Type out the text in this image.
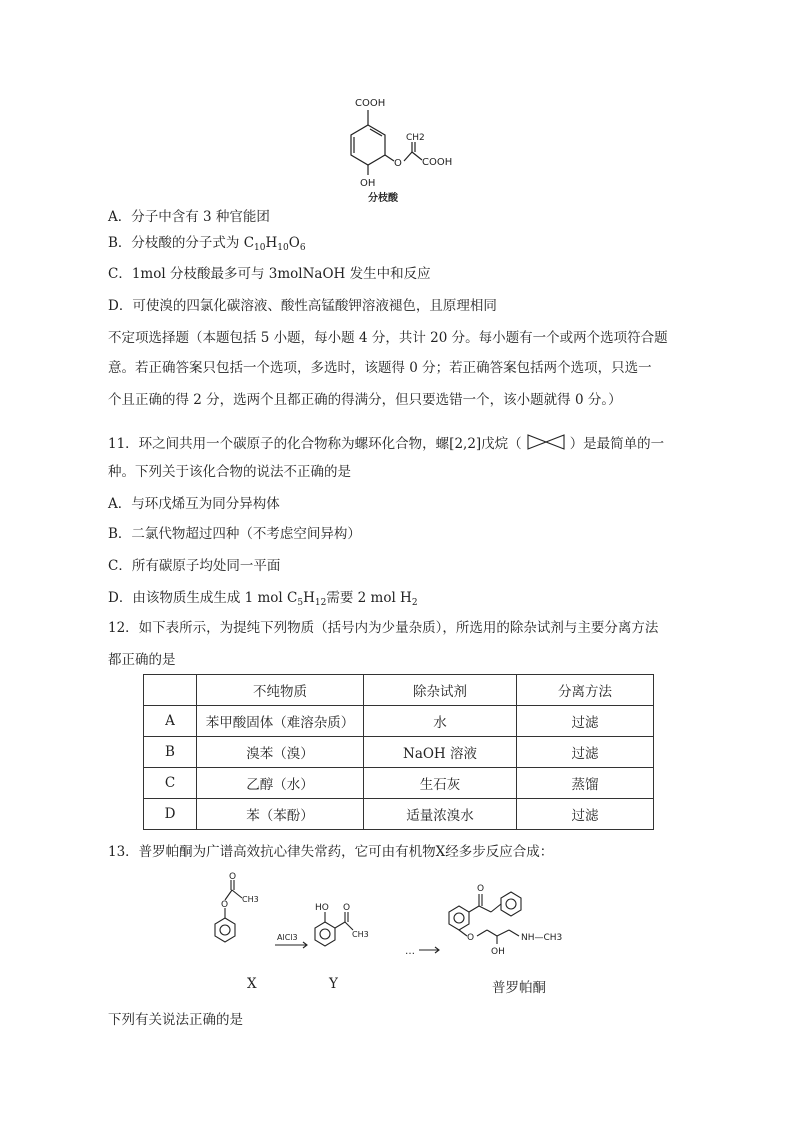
COOH
CH2
O COOH
OH
分枝酸
A．分子中含有 3 种官能团
B．分枝酸的分子式为 $C_{10}H_{10}O_6$
C．1mol 分枝酸最多可与 3molNaOH 发生中和反应
D．可使溴的四氯化碳溶液、酸性高锰酸钾溶液褪色，且原理相同
不定项选择题（本题包括 5 小题，每小题 4 分，共计 20 分。每小题有一个或两个选项符合题
意。若正确答案只包括一个选项，多选时，该题得 0 分；若正确答案包括两个选项，只选一
个且正确的得 2 分，选两个且都正确的得满分，但只要选错一个，该小题就得 0 分。）
11．环之间共用一个碳原子的化合物称为螺环化合物，螺[2,2]戊烷（	）是最简单的一
种。下列关于该化合物的说法不正确的是
A．与环戊烯互为同分异构体
B．二氯代物超过四种（不考虑空间异构）
C．所有碳原子均处同一平面
D．由该物质生成生成 1 mol $C_5H_{12}$需要 2 mol $H_2$
12．如下表所示，为提纯下列物质（括号内为少量杂质），所选用的除杂试剂与主要分离方法
都正确的是
	不纯物质	除杂试剂	分离方法
A	苯甲酸固体（难溶杂质）	水	过滤
B	溴苯（溴）	NaOH 溶液	过滤
C	乙醇（水）	生石灰	蒸馏
D	苯（苯酚）	适量浓溴水	过滤
13．普罗帕酮为广谱高效抗心律失常药，它可由有机物X经多步反应合成：
O
CH3
O	HO O
CH3
AlCl3
…
O
O
OH
NH—CH3
X	Y	普罗帕酮
下列有关说法正确的是
